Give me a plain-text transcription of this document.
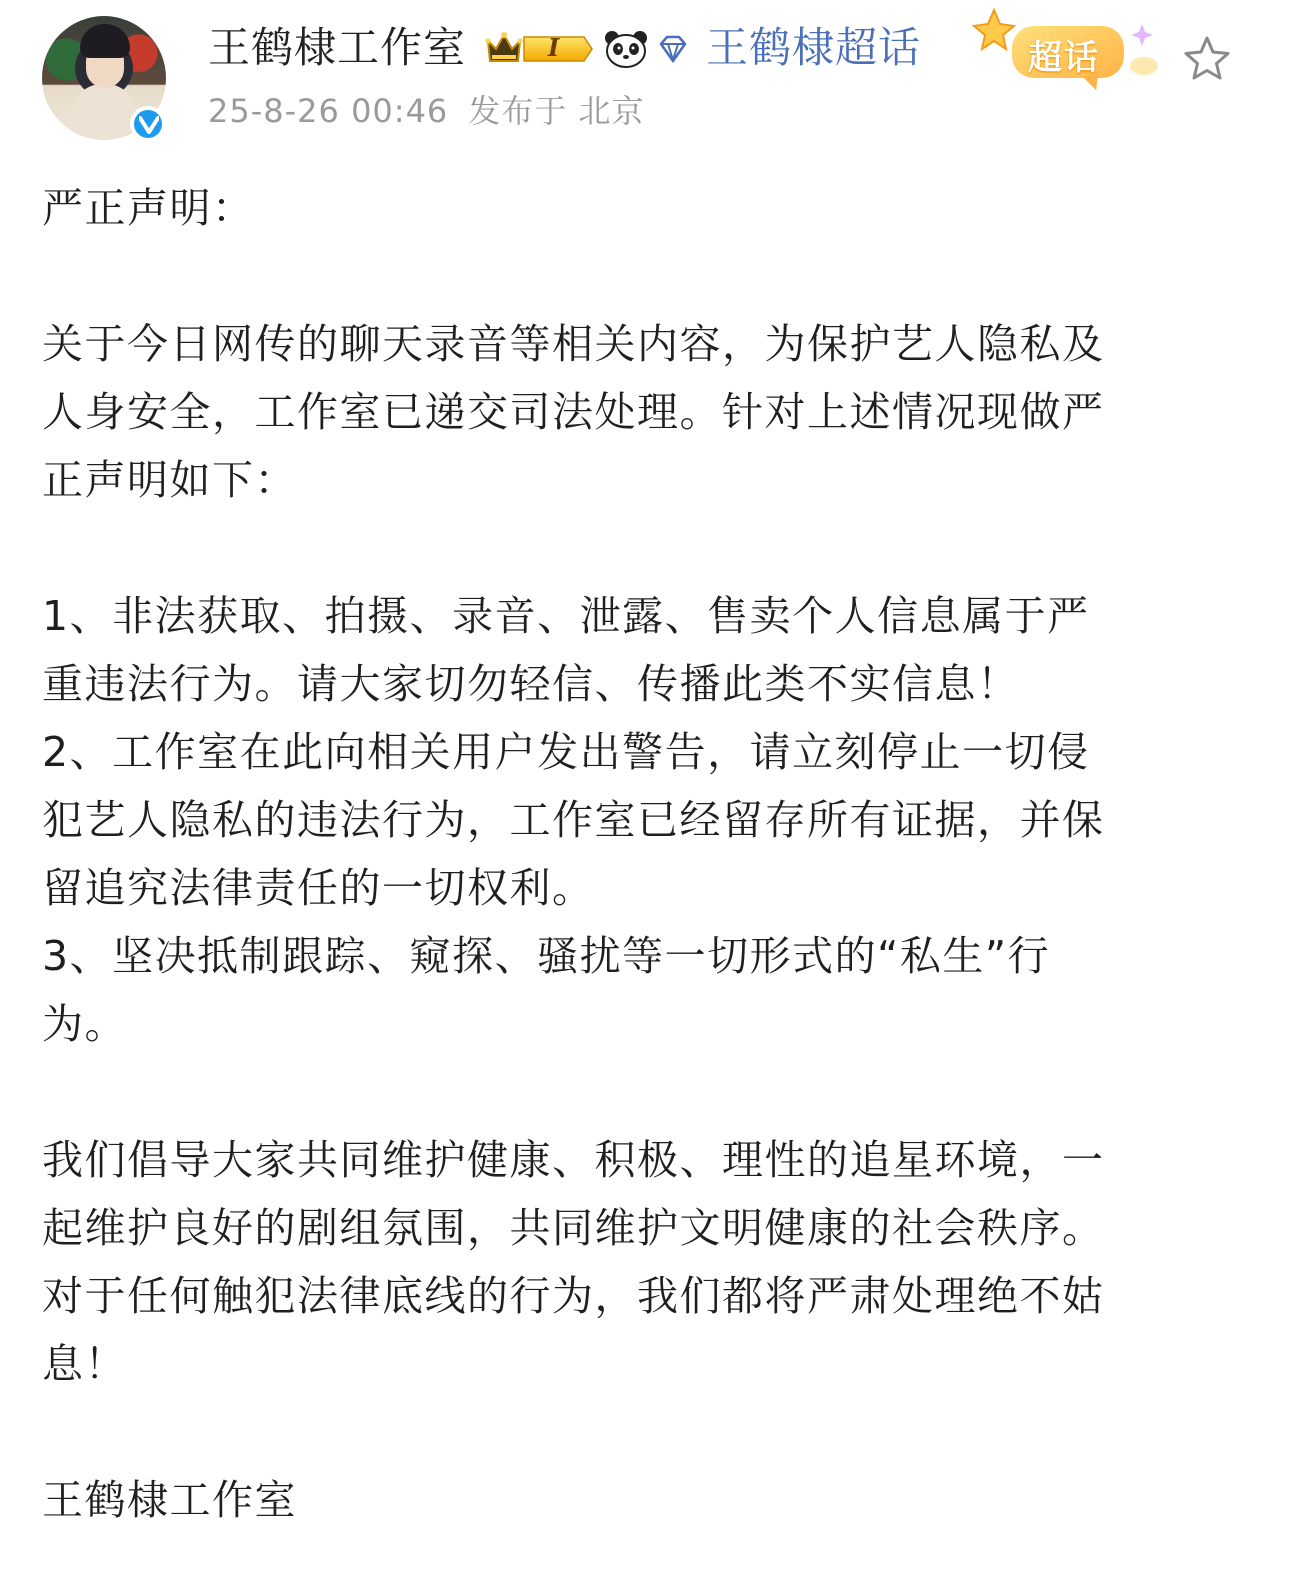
王鹤棣工作室	I	王鹤棣超话	超话
25-8-26 00:46 发布于 北京
严正声明：
关于今日网传的聊天录音等相关内容，为保护艺人隐私及
人身安全，工作室已递交司法处理。针对上述情况现做严
正声明如下：
1、非法获取、拍摄、录音、泄露、售卖个人信息属于严
重违法行为。请大家切勿轻信、传播此类不实信息！
2、工作室在此向相关用户发出警告，请立刻停止一切侵
犯艺人隐私的违法行为，工作室已经留存所有证据，并保
留追究法律责任的一切权利。
3、坚决抵制跟踪、窥探、骚扰等一切形式的“私生”行
为。
我们倡导大家共同维护健康、积极、理性的追星环境，一
起维护良好的剧组氛围，共同维护文明健康的社会秩序。
对于任何触犯法律底线的行为，我们都将严肃处理绝不姑
息！
王鹤棣工作室
